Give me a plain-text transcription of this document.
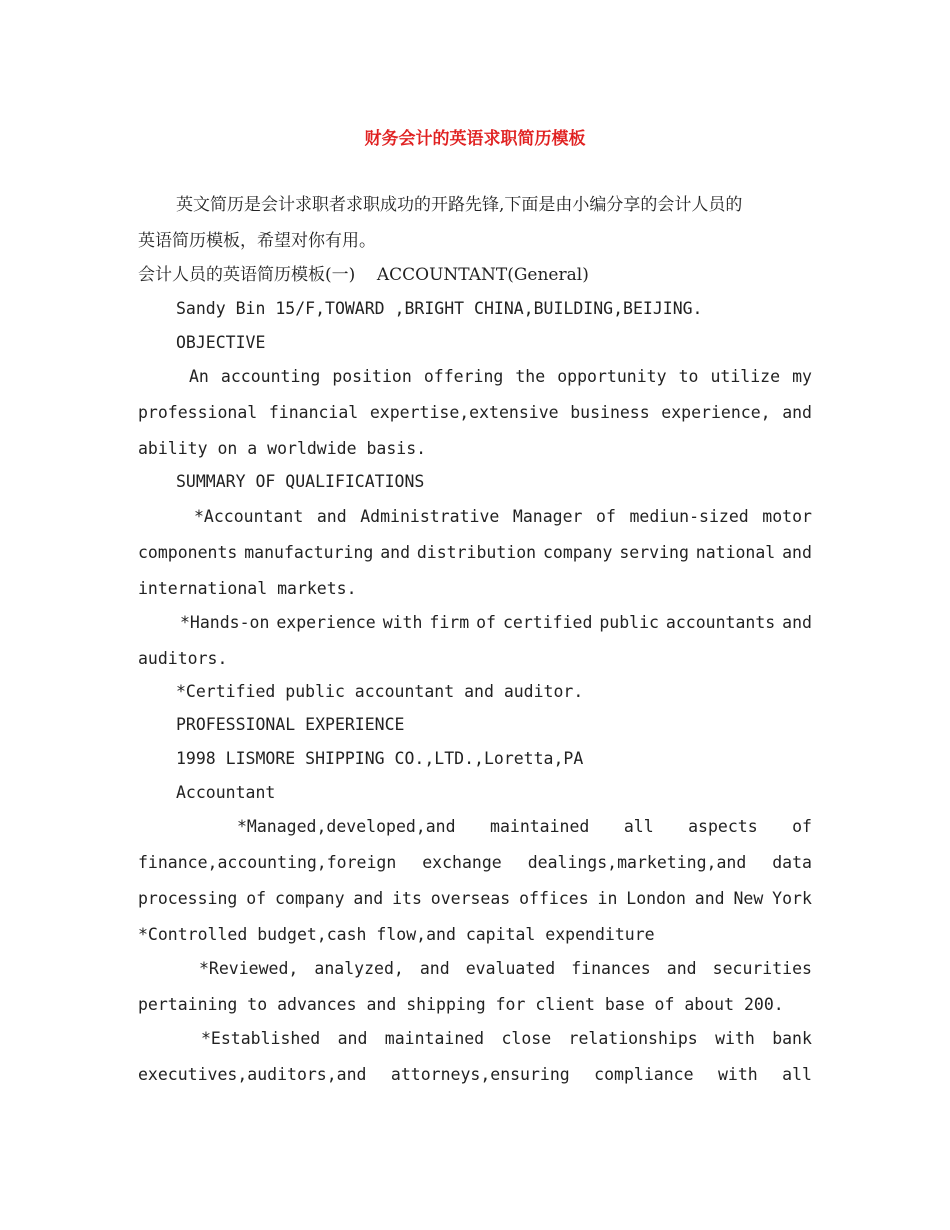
财务会计的英语求职简历模板
英文简历是会计求职者求职成功的开路先锋,下面是由小编分享的会计人员的
英语简历模板，希望对你有用。
会计人员的英语简历模板(一)    ACCOUNTANT(General)
Sandy Bin 15/F,TOWARD ,BRIGHT CHINA,BUILDING,BEIJING.
OBJECTIVE
An accounting position offering the opportunity to utilize my
professional financial expertise,extensive business experience, and
ability on a worldwide basis.
SUMMARY OF QUALIFICATIONS
*Accountant and Administrative Manager of mediun-sized motor
components manufacturing and distribution company serving national and
international markets.
*Hands-on experience with firm of certified public accountants and
auditors.
*Certified public accountant and auditor.
PROFESSIONAL EXPERIENCE
1998 LISMORE SHIPPING CO.,LTD.,Loretta,PA
Accountant
*Managed,developed,and maintained all aspects of
finance,accounting,foreign exchange dealings,marketing,and data
processing of company and its overseas offices in London and New York
*Controlled budget,cash flow,and capital expenditure
*Reviewed, analyzed, and evaluated finances and securities
pertaining to advances and shipping for client base of about 200.
*Established and maintained close relationships with bank
executives,auditors,and attorneys,ensuring compliance with all
